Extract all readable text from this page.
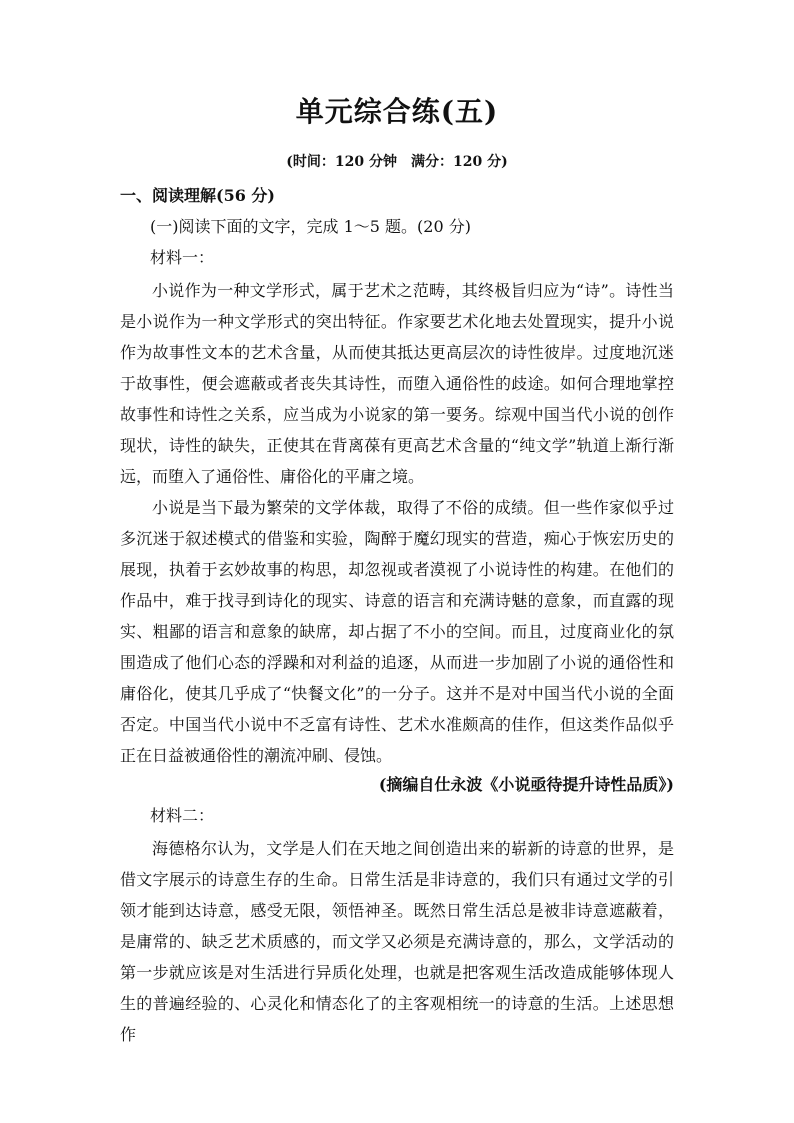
单元综合练(五)
(时间：120 分钟　满分：120 分)
一、阅读理解(56 分)
(一)阅读下面的文字，完成 1～5 题。(20 分)
材料一：
小说作为一种文学形式，属于艺术之范畴，其终极旨归应为“诗”。诗性当是小说作为一种文学形式的突出特征。作家要艺术化地去处置现实，提升小说作为故事性文本的艺术含量，从而使其抵达更高层次的诗性彼岸。过度地沉迷于故事性，便会遮蔽或者丧失其诗性，而堕入通俗性的歧途。如何合理地掌控故事性和诗性之关系，应当成为小说家的第一要务。综观中国当代小说的创作现状，诗性的缺失，正使其在背离葆有更高艺术含量的“纯文学”轨道上渐行渐远，而堕入了通俗性、庸俗化的平庸之境。
小说是当下最为繁荣的文学体裁，取得了不俗的成绩。但一些作家似乎过多沉迷于叙述模式的借鉴和实验，陶醉于魔幻现实的营造，痴心于恢宏历史的展现，执着于玄妙故事的构思，却忽视或者漠视了小说诗性的构建。在他们的作品中，难于找寻到诗化的现实、诗意的语言和充满诗魅的意象，而直露的现实、粗鄙的语言和意象的缺席，却占据了不小的空间。而且，过度商业化的氛围造成了他们心态的浮躁和对利益的追逐，从而进一步加剧了小说的通俗性和庸俗化，使其几乎成了“快餐文化”的一分子。这并不是对中国当代小说的全面否定。中国当代小说中不乏富有诗性、艺术水准颇高的佳作，但这类作品似乎正在日益被通俗性的潮流冲刷、侵蚀。
(摘编自仕永波《小说亟待提升诗性品质》)
材料二：
海德格尔认为，文学是人们在天地之间创造出来的崭新的诗意的世界，是借文字展示的诗意生存的生命。日常生活是非诗意的，我们只有通过文学的引领才能到达诗意，感受无限，领悟神圣。既然日常生活总是被非诗意遮蔽着，是庸常的、缺乏艺术质感的，而文学又必须是充满诗意的，那么，文学活动的第一步就应该是对生活进行异质化处理，也就是把客观生活改造成能够体现人生的普遍经验的、心灵化和情态化了的主客观相统一的诗意的生活。上述思想作
